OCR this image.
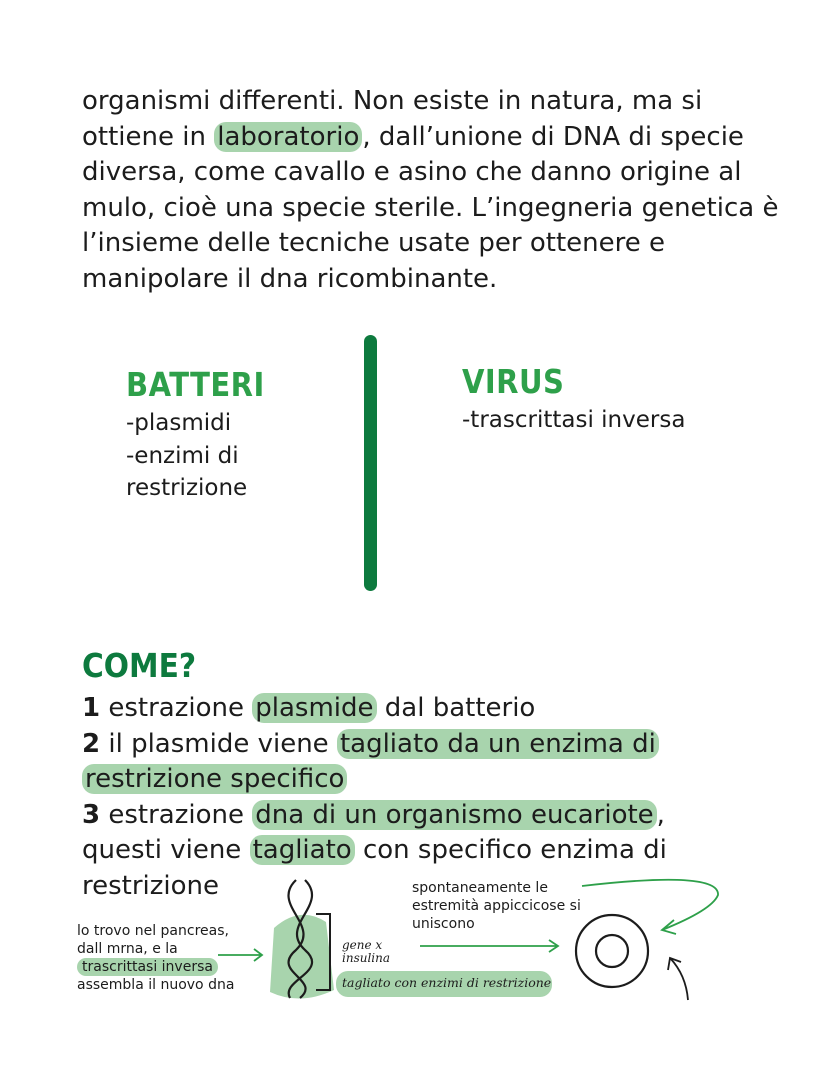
organismi differenti. Non esiste in natura, ma si ottiene in laboratorio , dall’unione di DNA di specie diversa, come cavallo e asino che danno origine al mulo, cioè una specie sterile. L’ingegneria genetica è l’insieme delle tecniche usate per ottenere e manipolare il dna ricombinante.

BATTERI
-plasmidi
-enzimi di
restrizione
VIRUS
-trascrittasi inversa
COME?

1 estrazione plasmide dal batterio

2 il plasmide viene tagliato da un enzima di

restrizione specifico

3 estrazione dna di un organismo eucariote ,

questi viene tagliato con specifico enzima di

restrizione

lo trovo nel pancreas,
dall mrna, e la
trascrittasi inversa
assembla il nuovo dna
spontaneamente le
estremità appiccicose si
uniscono
gene x
insulina
tagliato con enzimi di restrizione
